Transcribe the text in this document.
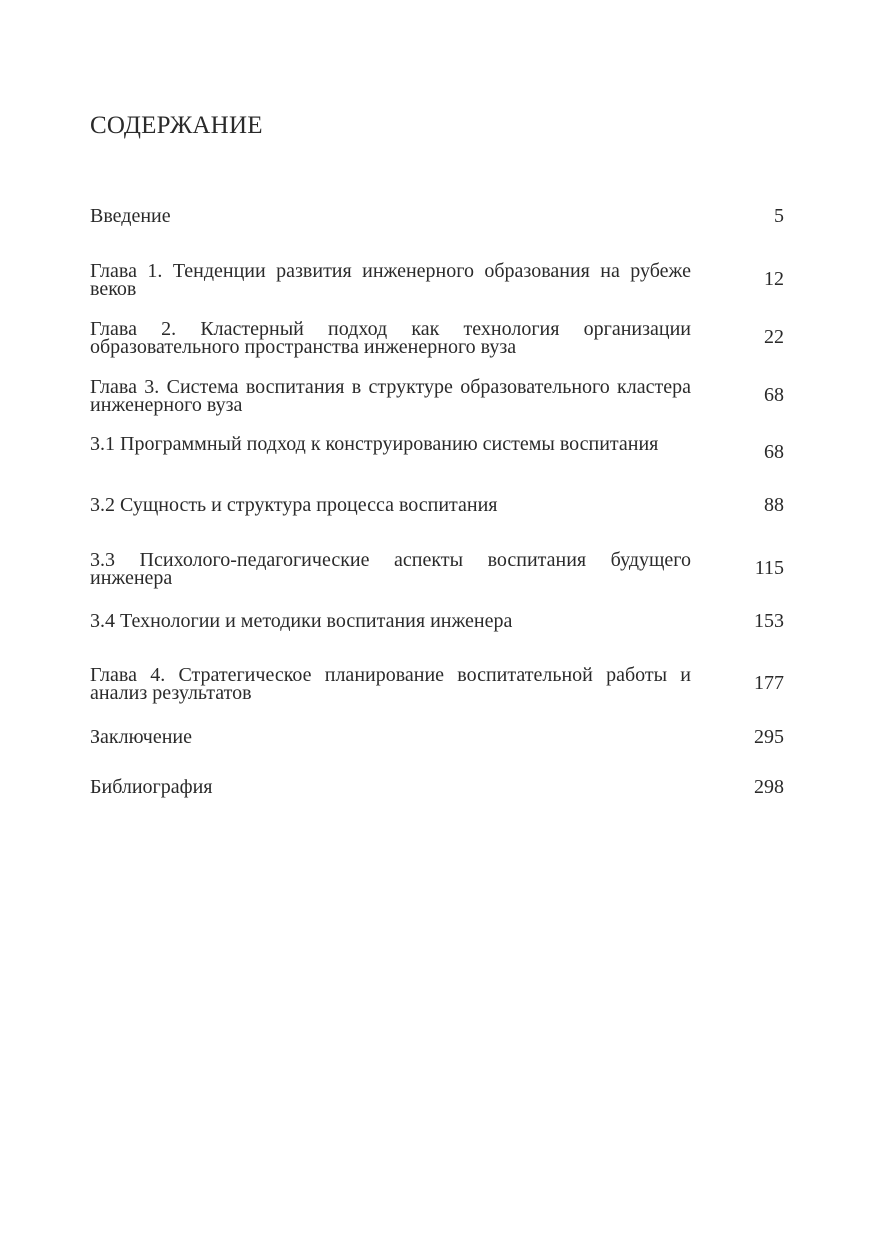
СОДЕРЖАНИЕ
Введение	5
Глава 1. Тенденции развития инженерного образования на рубеже веков	12
Глава 2. Кластерный подход как технология организации образовательного пространства инженерного вуза	22
Глава 3. Система воспитания в структуре образовательного кластера инженерного вуза	68
3.1 Программный подход к конструированию системы воспитания	68
3.2 Сущность и структура процесса воспитания	88
3.3 Психолого-педагогические аспекты воспитания будущего инженера	115
3.4 Технологии и методики воспитания инженера	153
Глава 4. Стратегическое планирование воспитательной работы и анализ результатов	177
Заключение	295
Библиография	298
